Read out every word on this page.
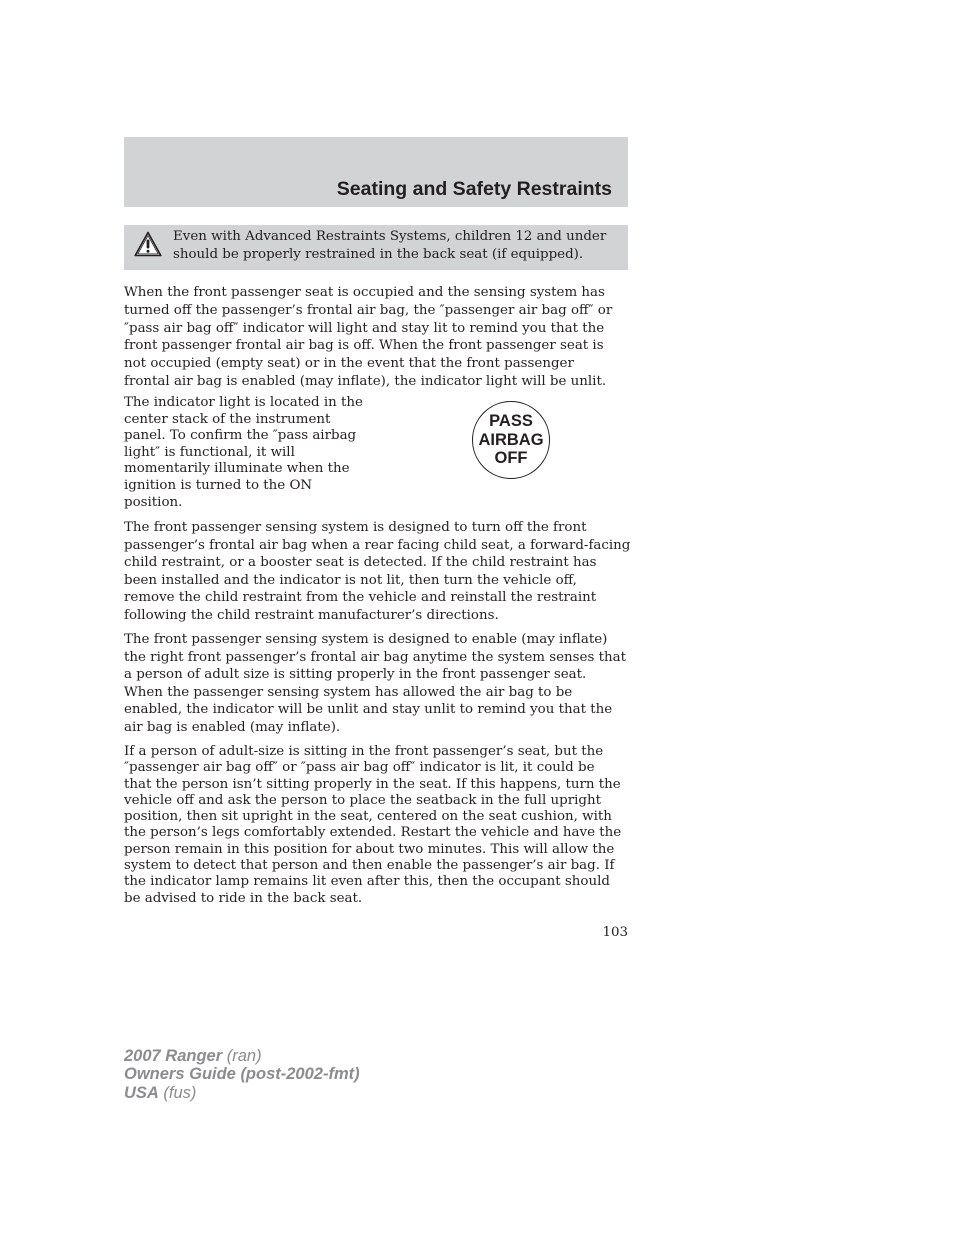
Seating and Safety Restraints
Even with Advanced Restraints Systems, children 12 and under
should be properly restrained in the back seat (if equipped).

When the front passenger seat is occupied and the sensing system has
turned off the passenger’s frontal air bag, the ″passenger air bag off″ or
″pass air bag off″ indicator will light and stay lit to remind you that the
front passenger frontal air bag is off. When the front passenger seat is
not occupied (empty seat) or in the event that the front passenger
frontal air bag is enabled (may inflate), the indicator light will be unlit.

The indicator light is located in the
center stack of the instrument
panel. To confirm the ″pass airbag
light″ is functional, it will
momentarily illuminate when the
ignition is turned to the ON
position.

PASS
AIRBAG
OFF

The front passenger sensing system is designed to turn off the front
passenger’s frontal air bag when a rear facing child seat, a forward-facing
child restraint, or a booster seat is detected. If the child restraint has
been installed and the indicator is not lit, then turn the vehicle off,
remove the child restraint from the vehicle and reinstall the restraint
following the child restraint manufacturer’s directions.

The front passenger sensing system is designed to enable (may inflate)
the right front passenger’s frontal air bag anytime the system senses that
a person of adult size is sitting properly in the front passenger seat.
When the passenger sensing system has allowed the air bag to be
enabled, the indicator will be unlit and stay unlit to remind you that the
air bag is enabled (may inflate).

If a person of adult-size is sitting in the front passenger’s seat, but the
″passenger air bag off″ or ″pass air bag off″ indicator is lit, it could be
that the person isn’t sitting properly in the seat. If this happens, turn the
vehicle off and ask the person to place the seatback in the full upright
position, then sit upright in the seat, centered on the seat cushion, with
the person’s legs comfortably extended. Restart the vehicle and have the
person remain in this position for about two minutes. This will allow the
system to detect that person and then enable the passenger’s air bag. If
the indicator lamp remains lit even after this, then the occupant should
be advised to ride in the back seat.

103
2007 Ranger (ran)
Owners Guide (post-2002-fmt)
USA (fus)
